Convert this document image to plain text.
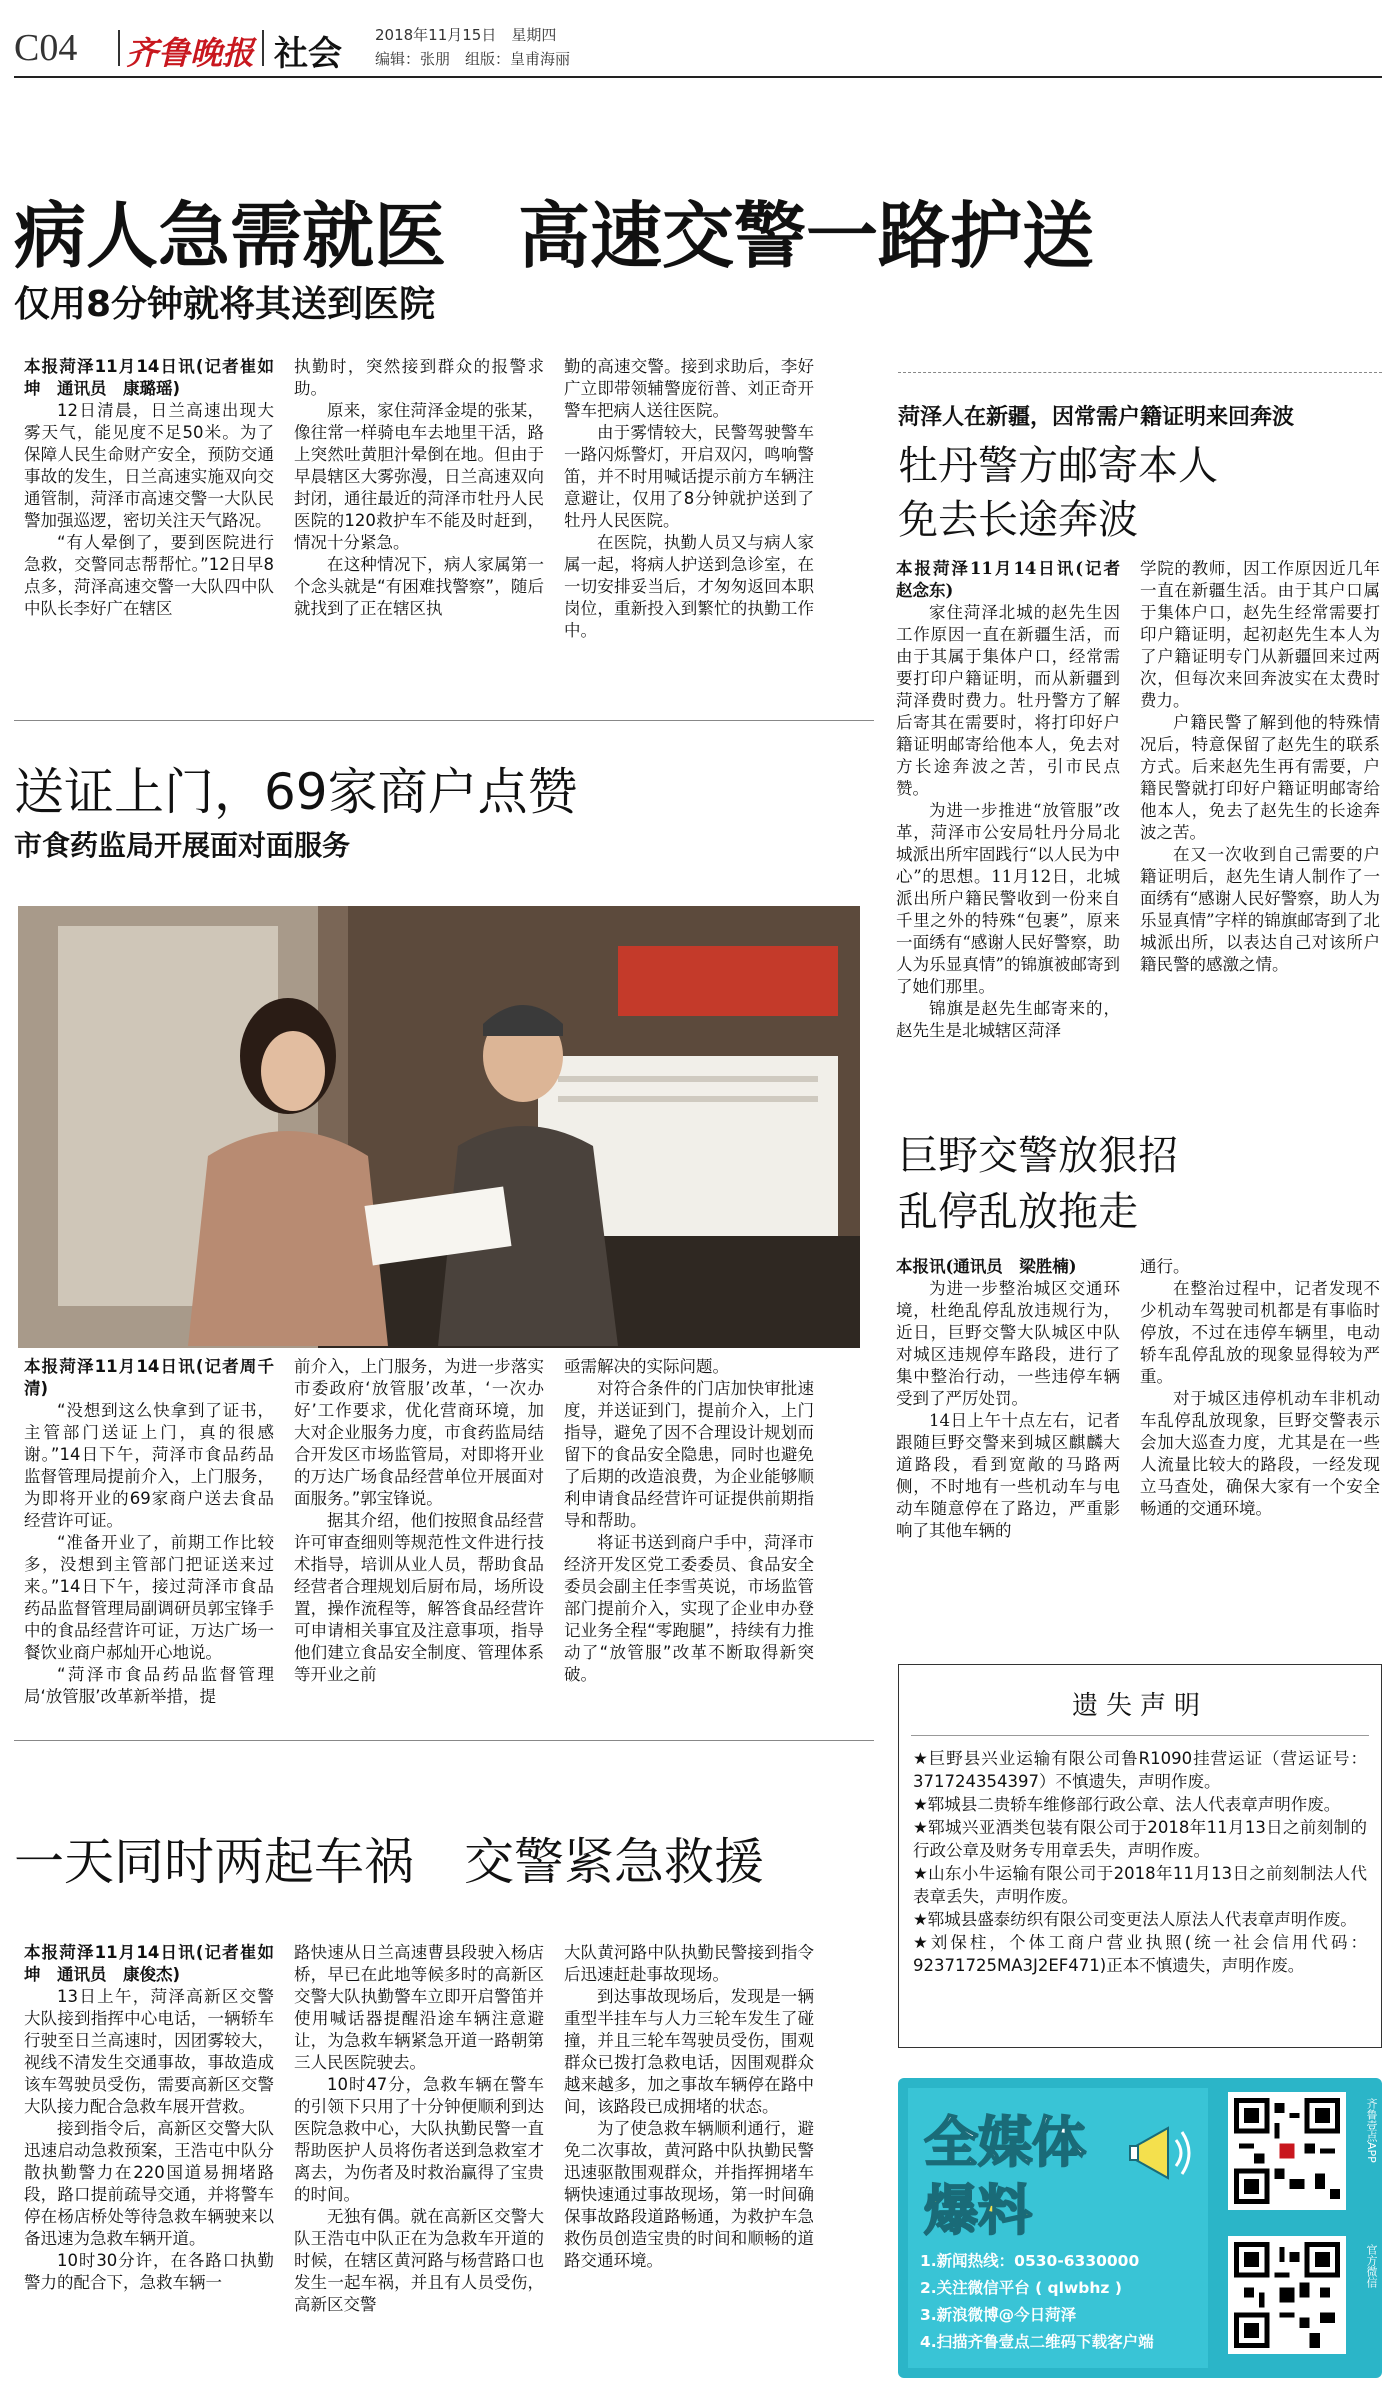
C04 齐鲁晚报 社会 2018年11月15日　星期四
编辑：张朋　组版：皇甫海丽
病人急需就医　高速交警一路护送
仅用8分钟就将其送到医院

本报菏泽11月14日讯(记者崔如坤　通讯员　康璐瑶)

12日清晨，日兰高速出现大雾天气，能见度不足50米。为了保障人民生命财产安全，预防交通事故的发生，日兰高速实施双向交通管制，菏泽市高速交警一大队民警加强巡逻，密切关注天气路况。

“有人晕倒了，要到医院进行急救，交警同志帮帮忙。”12日早8点多，菏泽高速交警一大队四中队中队长李好广在辖区

执勤时，突然接到群众的报警求助。

原来，家住菏泽金堤的张某，像往常一样骑电车去地里干活，路上突然吐黄胆汁晕倒在地。但由于早晨辖区大雾弥漫，日兰高速双向封闭，通往最近的菏泽市牡丹人民医院的120救护车不能及时赶到，情况十分紧急。

在这种情况下，病人家属第一个念头就是“有困难找警察”，随后就找到了正在辖区执

勤的高速交警。接到求助后，李好广立即带领辅警庞衍普、刘正奇开警车把病人送往医院。

由于雾情较大，民警驾驶警车一路闪烁警灯，开启双闪，鸣响警笛，并不时用喊话提示前方车辆注意避让，仅用了8分钟就护送到了牡丹人民医院。

在医院，执勤人员又与病人家属一起，将病人护送到急诊室，在一切安排妥当后，才匆匆返回本职岗位，重新投入到繁忙的执勤工作中。

菏泽人在新疆，因常需户籍证明来回奔波
牡丹警方邮寄本人
免去长途奔波

本报菏泽11月14日讯(记者　赵念东)

家住菏泽北城的赵先生因工作原因一直在新疆生活，而由于其属于集体户口，经常需要打印户籍证明，而从新疆到菏泽费时费力。牡丹警方了解后寄其在需要时，将打印好户籍证明邮寄给他本人，免去对方长途奔波之苦，引市民点赞。

为进一步推进“放管服”改革，菏泽市公安局牡丹分局北城派出所牢固践行“以人民为中心”的思想。11月12日，北城派出所户籍民警收到一份来自千里之外的特殊“包裹”，原来一面绣有“感谢人民好警察，助人为乐显真情”的锦旗被邮寄到了她们那里。

锦旗是赵先生邮寄来的，赵先生是北城辖区菏泽

学院的教师，因工作原因近几年一直在新疆生活。由于其户口属于集体户口，赵先生经常需要打印户籍证明，起初赵先生本人为了户籍证明专门从新疆回来过两次，但每次来回奔波实在太费时费力。

户籍民警了解到他的特殊情况后，特意保留了赵先生的联系方式。后来赵先生再有需要，户籍民警就打印好户籍证明邮寄给他本人，免去了赵先生的长途奔波之苦。

在又一次收到自己需要的户籍证明后，赵先生请人制作了一面绣有“感谢人民好警察，助人为乐显真情”字样的锦旗邮寄到了北城派出所，以表达自己对该所户籍民警的感激之情。

送证上门，69家商户点赞
市食药监局开展面对面服务

本报菏泽11月14日讯(记者周千清)

“没想到这么快拿到了证书，主管部门送证上门，真的很感谢。”14日下午，菏泽市食品药品监督管理局提前介入，上门服务，为即将开业的69家商户送去食品经营许可证。

“准备开业了，前期工作比较多，没想到主管部门把证送来过来。”14日下午，接过菏泽市食品药品监督管理局副调研员郭宝锋手中的食品经营许可证，万达广场一餐饮业商户郝灿开心地说。

“菏泽市食品药品监督管理局‘放管服’改革新举措，提

前介入，上门服务，为进一步落实市委政府‘放管服’改革，‘一次办好’工作要求，优化营商环境，加大对企业服务力度，市食药监局结合开发区市场监管局，对即将开业的万达广场食品经营单位开展面对面服务。”郭宝锋说。

据其介绍，他们按照食品经营许可审查细则等规范性文件进行技术指导，培训从业人员，帮助食品经营者合理规划后厨布局，场所设置，操作流程等，解答食品经营许可申请相关事宜及注意事项，指导他们建立食品安全制度、管理体系等开业之前

亟需解决的实际问题。

对符合条件的门店加快审批速度，并送证到门，提前介入，上门指导，避免了因不合理设计规划而留下的食品安全隐患，同时也避免了后期的改造浪费，为企业能够顺利申请食品经营许可证提供前期指导和帮助。

将证书送到商户手中，菏泽市经济开发区党工委委员、食品安全委员会副主任李雪英说，市场监管部门提前介入，实现了企业申办登记业务全程“零跑腿”，持续有力推动了“放管服”改革不断取得新突破。

巨野交警放狠招
乱停乱放拖走

本报讯(通讯员　梁胜楠)

为进一步整治城区交通环境，杜绝乱停乱放违规行为，近日，巨野交警大队城区中队对城区违规停车路段，进行了集中整治行动，一些违停车辆受到了严厉处罚。

14日上午十点左右，记者跟随巨野交警来到城区麒麟大道路段，看到宽敞的马路两侧，不时地有一些机动车与电动车随意停在了路边，严重影响了其他车辆的

通行。

在整治过程中，记者发现不少机动车驾驶司机都是有事临时停放，不过在违停车辆里，电动轿车乱停乱放的现象显得较为严重。

对于城区违停机动车非机动车乱停乱放现象，巨野交警表示会加大巡查力度，尤其是在一些人流量比较大的路段，一经发现立马查处，确保大家有一个安全畅通的交通环境。

遗失声明

★巨野县兴业运输有限公司鲁R1090挂营运证（营运证号：371724354397）不慎遗失，声明作废。

★郓城县二贵轿车维修部行政公章、法人代表章声明作废。

★郓城兴亚酒类包装有限公司于2018年11月13日之前刻制的行政公章及财务专用章丢失，声明作废。

★山东小牛运输有限公司于2018年11月13日之前刻制法人代表章丢失，声明作废。

★郓城县盛泰纺织有限公司变更法人原法人代表章声明作废。

★刘保柱，个体工商户营业执照(统一社会信用代码：92371725MA3J2EF471)正本不慎遗失，声明作废。

一天同时两起车祸　交警紧急救援

本报菏泽11月14日讯(记者崔如坤　通讯员　康俊杰)

13日上午，菏泽高新区交警大队接到指挥中心电话，一辆轿车行驶至日兰高速时，因团雾较大，视线不清发生交通事故，事故造成该车驾驶员受伤，需要高新区交警大队接力配合急救车展开营救。

接到指令后，高新区交警大队迅速启动急救预案，王浩屯中队分散执勤警力在220国道易拥堵路段，路口提前疏导交通，并将警车停在杨店桥处等待急救车辆驶来以备迅速为急救车辆开道。

10时30分许，在各路口执勤警力的配合下，急救车辆一

路快速从日兰高速曹县段驶入杨店桥，早已在此地等候多时的高新区交警大队执勤警车立即开启警笛并使用喊话器提醒沿途车辆注意避让，为急救车辆紧急开道一路朝第三人民医院驶去。

10时47分，急救车辆在警车的引领下只用了十分钟便顺利到达医院急救中心，大队执勤民警一直帮助医护人员将伤者送到急救室才离去，为伤者及时救治赢得了宝贵的时间。

无独有偶。就在高新区交警大队王浩屯中队正在为急救车开道的时候，在辖区黄河路与杨营路口也发生一起车祸，并且有人员受伤，高新区交警

大队黄河路中队执勤民警接到指令后迅速赶赴事故现场。

到达事故现场后，发现是一辆重型半挂车与人力三轮车发生了碰撞，并且三轮车驾驶员受伤，围观群众已拨打急救电话，因围观群众越来越多，加之事故车辆停在路中间，该路段已成拥堵的状态。

为了使急救车辆顺利通行，避免二次事故，黄河路中队执勤民警迅速驱散围观群众，并指挥拥堵车辆快速通过事故现场，第一时间确保事故路段道路畅通，为救护车急救伤员创造宝贵的时间和顺畅的道路交通环境。

全媒体
爆料
1.新闻热线：0530-6330000
2.关注微信平台 ( qlwbhz )
3.新浪微博@今日菏泽
4.扫描齐鲁壹点二维码下载客户端
齐鲁壹点APP
官方微信
